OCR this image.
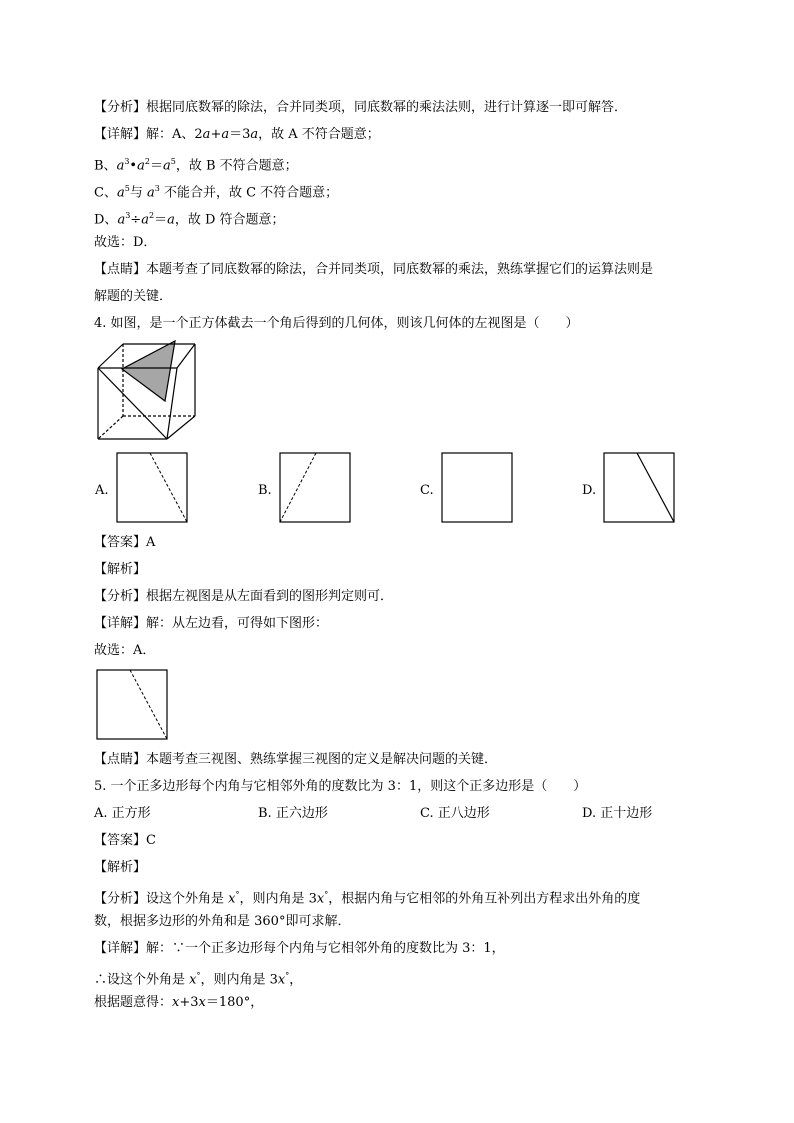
【分析】根据同底数幂的除法，合并同类项，同底数幂的乘法法则，进行计算逐一即可解答．
【详解】解：A、2a+a＝3a，故 A 不符合题意；
B、$a^3•a^2=a^5$，故 B 不符合题意；
C、$a^5$与 $a^3$ 不能合并，故 C 不符合题意；
D、$a^3\div a^2=a$，故 D 符合题意；
故选：D．
【点睛】本题考查了同底数幂的除法，合并同类项，同底数幂的乘法，熟练掌握它们的运算法则是
解题的关键．
4. 如图，是一个正方体截去一个角后得到的几何体，则该几何体的左视图是（　　）
A.	B.	C.	D.
【答案】A
【解析】
【分析】根据左视图是从左面看到的图形判定则可．
【详解】解：从左边看，可得如下图形：
故选：A．
【点睛】本题考查三视图、熟练掌握三视图的定义是解决问题的关键．
5. 一个正多边形每个内角与它相邻外角的度数比为 3：1，则这个正多边形是（　　）
A. 正方形	B. 正六边形	C. 正八边形	D. 正十边形
【答案】C
【解析】
【分析】设这个外角是 x°，则内角是 3x°，根据内角与它相邻的外角互补列出方程求出外角的度
数，根据多边形的外角和是 360°即可求解．
【详解】解：∵一个正多边形每个内角与它相邻外角的度数比为 3：1，
∴设这个外角是 x°，则内角是 3x°，
根据题意得：x+3x＝180°，
